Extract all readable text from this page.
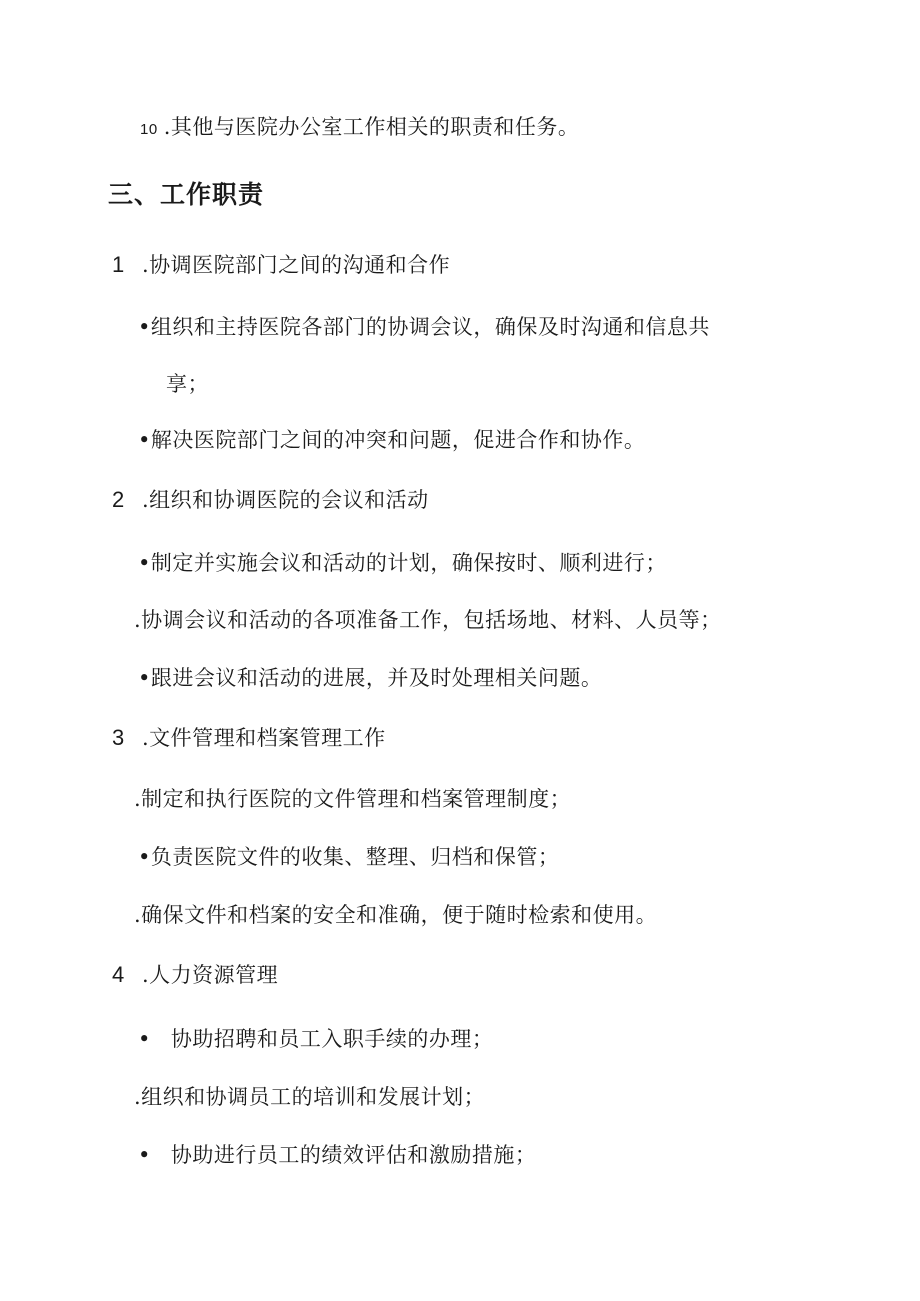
10 .其他与医院办公室工作相关的职责和任务。
三、工作职责
1 .协调医院部门之间的沟通和合作
•组织和主持医院各部门的协调会议，确保及时沟通和信息共
享；
•解决医院部门之间的冲突和问题，促进合作和协作。
2 .组织和协调医院的会议和活动
•制定并实施会议和活动的计划，确保按时、顺利进行；
.协调会议和活动的各项准备工作，包括场地、材料、人员等；
•跟进会议和活动的进展，并及时处理相关问题。
3 .文件管理和档案管理工作
.制定和执行医院的文件管理和档案管理制度；
•负责医院文件的收集、整理、归档和保管；
.确保文件和档案的安全和准确，便于随时检索和使用。
4 .人力资源管理
• 协助招聘和员工入职手续的办理；
.组织和协调员工的培训和发展计划；
• 协助进行员工的绩效评估和激励措施；
